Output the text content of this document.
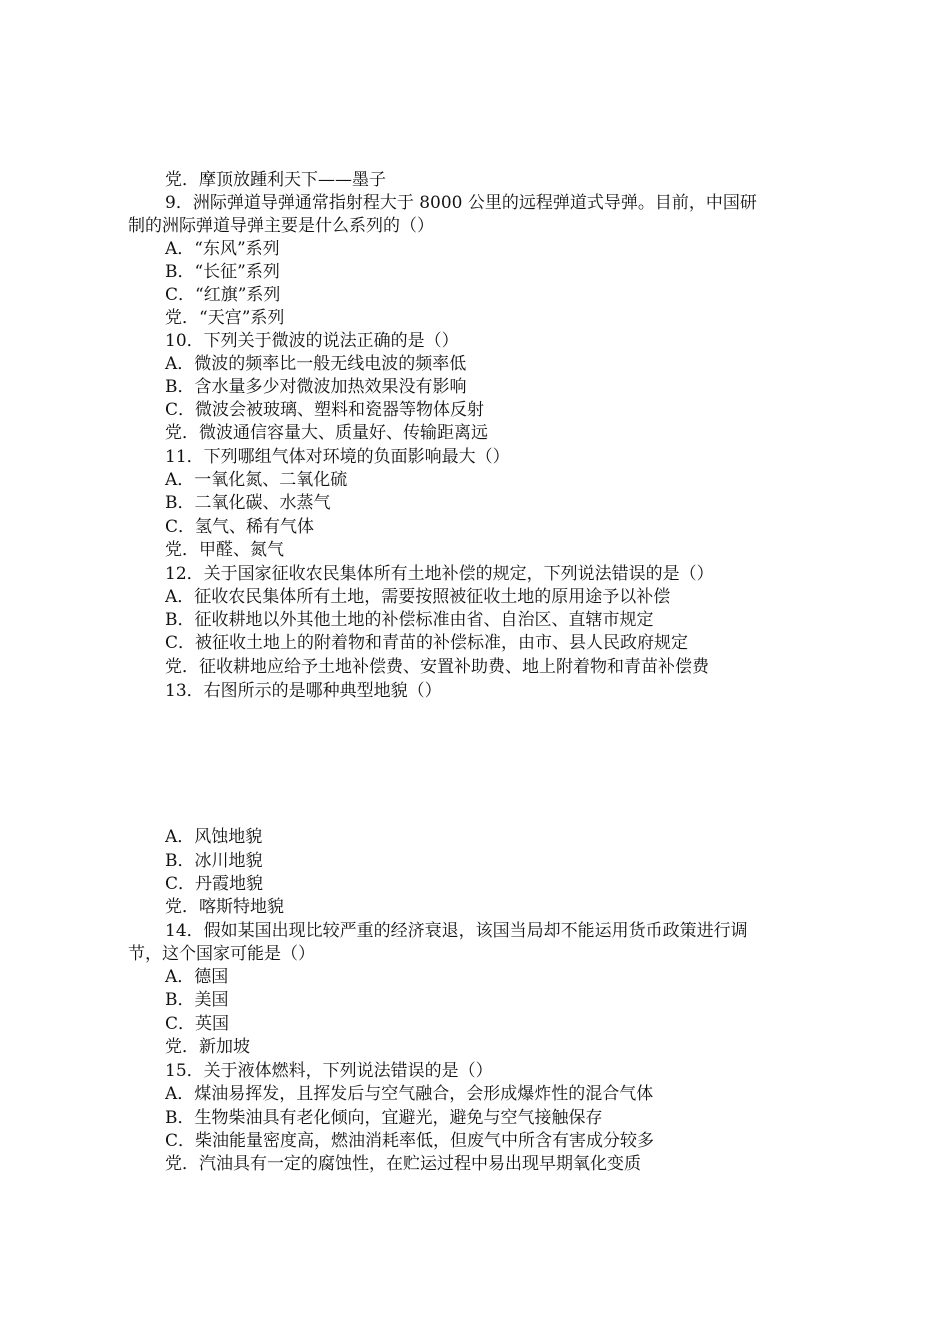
党．摩顶放踵利天下——墨子
9．洲际弹道导弹通常指射程大于 8000 公里的远程弹道式导弹。目前，中国研
制的洲际弹道导弹主要是什么系列的（）
A．“东风”系列
B．“长征”系列
C．“红旗”系列
党．“天宫”系列
10．下列关于微波的说法正确的是（）
A．微波的频率比一般无线电波的频率低
B．含水量多少对微波加热效果没有影响
C．微波会被玻璃、塑料和瓷器等物体反射
党．微波通信容量大、质量好、传输距离远
11．下列哪组气体对环境的负面影响最大（）
A．一氧化氮、二氧化硫
B．二氧化碳、水蒸气
C．氢气、稀有气体
党．甲醛、氮气
12．关于国家征收农民集体所有土地补偿的规定，下列说法错误的是（）
A．征收农民集体所有土地，需要按照被征收土地的原用途予以补偿
B．征收耕地以外其他土地的补偿标准由省、自治区、直辖市规定
C．被征收土地上的附着物和青苗的补偿标准，由市、县人民政府规定
党．征收耕地应给予土地补偿费、安置补助费、地上附着物和青苗补偿费
13．右图所示的是哪种典型地貌（）
A．风蚀地貌
B．冰川地貌
C．丹霞地貌
党．喀斯特地貌
14．假如某国出现比较严重的经济衰退，该国当局却不能运用货币政策进行调
节，这个国家可能是（）
A．德国
B．美国
C．英国
党．新加坡
15．关于液体燃料，下列说法错误的是（）
A．煤油易挥发，且挥发后与空气融合，会形成爆炸性的混合气体
B．生物柴油具有老化倾向，宜避光，避免与空气接触保存
C．柴油能量密度高，燃油消耗率低，但废气中所含有害成分较多
党．汽油具有一定的腐蚀性，在贮运过程中易出现早期氧化变质
